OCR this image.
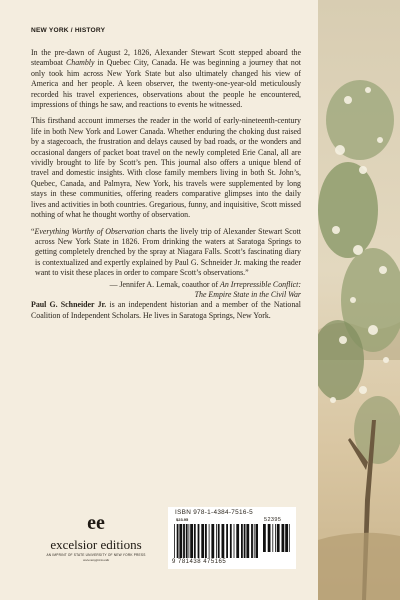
NEW YORK / HISTORY

In the pre-dawn of August 2, 1826, Alexander Stewart Scott stepped aboard the steamboat Chambly in Quebec City, Canada. He was beginning a journey that not only took him across New York State but also ultimately changed his view of America and her people. A keen observer, the twenty-one-year-old meticulously recorded his travel experiences, observations about the people he encountered, impressions of things he saw, and reactions to events he witnessed.

This firsthand account immerses the reader in the world of early-nineteenth-century life in both New York and Lower Canada. Whether enduring the choking dust raised by a stagecoach, the frustration and delays caused by bad roads, or the wonders and occasional dangers of packet boat travel on the newly completed Erie Canal, all are vividly brought to life by Scott’s pen. This journal also offers a unique blend of travel and domestic insights. With close family members living in both St. John’s, Quebec, Canada, and Palmyra, New York, his travels were supplemented by long stays in these communities, offering readers comparative glimpses into the daily lives and activities in both countries. Gregarious, funny, and inquisitive, Scott missed nothing of what he thought worthy of observation.

“Everything Worthy of Observation charts the lively trip of Alexander Stewart Scott across New York State in 1826. From drinking the waters at Saratoga Springs to getting completely drenched by the spray at Niagara Falls. Scott’s fascinating diary is contextualized and expertly explained by Paul G. Schneider Jr. making the reader want to visit these places in order to compare Scott’s observations.”

— Jennifer A. Lemak, coauthor of An Irrepressible Conflict:
The Empire State in the Civil War

Paul G. Schneider Jr. is an independent historian and a member of the National Coalition of Independent Scholars. He lives in Saratoga Springs, New York.

ee
excelsior editions
AN IMPRINT OF STATE UNIVERSITY OF NEW YORK PRESS
www.sunypress.edu
ISBN 978-1-4384-7516-5
$23.95	52395
9 781438 475165
